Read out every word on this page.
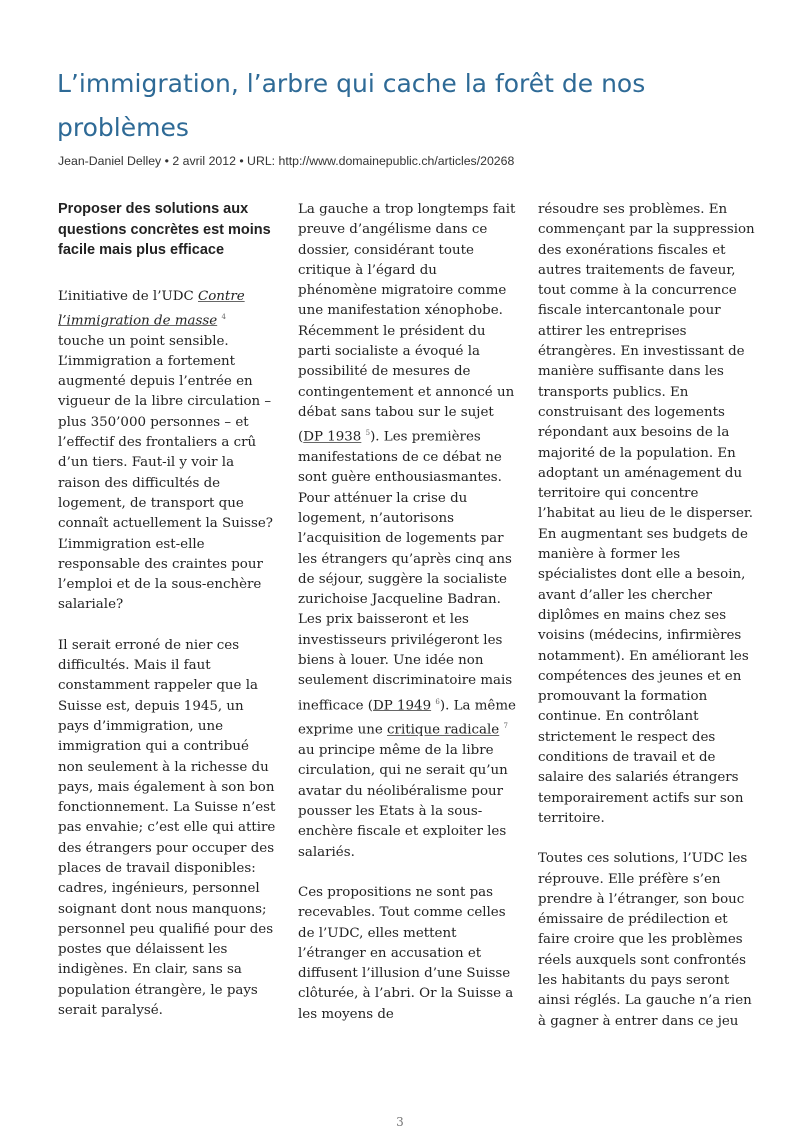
L’immigration, l’arbre qui cache la forêt de nos problèmes

Jean-Daniel Delley • 2 avril 2012 • URL: http://www.domainepublic.ch/articles/20268

Proposer des solutions aux questions concrètes est moins facile mais plus efficace

L’initiative de l’UDC Contre l’immigration de masse $^4$ touche un point sensible. L’immigration a fortement augmenté depuis l’entrée en vigueur de la libre circulation – plus 350’000 personnes – et l’effectif des frontaliers a crû d’un tiers. Faut-il y voir la raison des difficultés de logement, de transport que connaît actuellement la Suisse? L’immigration est-elle responsable des craintes pour l’emploi et de la sous-enchère salariale?

Il serait erroné de nier ces difficultés. Mais il faut constamment rappeler que la Suisse est, depuis 1945, un pays d’immigration, une immigration qui a contribué non seulement à la richesse du pays, mais également à son bon fonctionnement. La Suisse n’est pas envahie; c’est elle qui attire des étrangers pour occuper des places de travail disponibles: cadres, ingénieurs, personnel soignant dont nous manquons; personnel peu qualifié pour des postes que délaissent les indigènes. En clair, sans sa population étrangère, le pays serait paralysé.

La gauche a trop longtemps fait preuve d’angélisme dans ce dossier, considérant toute critique à l’égard du phénomène migratoire comme une manifestation xénophobe. Récemment le président du parti socialiste a évoqué la possibilité de mesures de contingentement et annoncé un débat sans tabou sur le sujet (DP 1938 $^5$). Les premières manifestations de ce débat ne sont guère enthousiasmantes. Pour atténuer la crise du logement, n’autorisons l’acquisition de logements par les étrangers qu’après cinq ans de séjour, suggère la socialiste zurichoise Jacqueline Badran. Les prix baisseront et les investisseurs privilégeront les biens à louer. Une idée non seulement discriminatoire mais inefficace (DP 1949 $^6$). La même exprime une critique radicale $^7$ au principe même de la libre circulation, qui ne serait qu’un avatar du néolibéralisme pour pousser les Etats à la sous-enchère fiscale et exploiter les salariés.

Ces propositions ne sont pas recevables. Tout comme celles de l’UDC, elles mettent l’étranger en accusation et diffusent l’illusion d’une Suisse clôturée, à l’abri. Or la Suisse a les moyens de

résoudre ses problèmes. En commençant par la suppression des exonérations fiscales et autres traitements de faveur, tout comme à la concurrence fiscale intercantonale pour attirer les entreprises étrangères. En investissant de manière suffisante dans les transports publics. En construisant des logements répondant aux besoins de la majorité de la population. En adoptant un aménagement du territoire qui concentre l’habitat au lieu de le disperser. En augmentant ses budgets de manière à former les spécialistes dont elle a besoin, avant d’aller les chercher diplômes en mains chez ses voisins (médecins, infirmières notamment). En améliorant les compétences des jeunes et en promouvant la formation continue. En contrôlant strictement le respect des conditions de travail et de salaire des salariés étrangers temporairement actifs sur son territoire.

Toutes ces solutions, l’UDC les réprouve. Elle préfère s’en prendre à l’étranger, son bouc émissaire de prédilection et faire croire que les problèmes réels auxquels sont confrontés les habitants du pays seront ainsi réglés. La gauche n’a rien à gagner à entrer dans ce jeu

3
